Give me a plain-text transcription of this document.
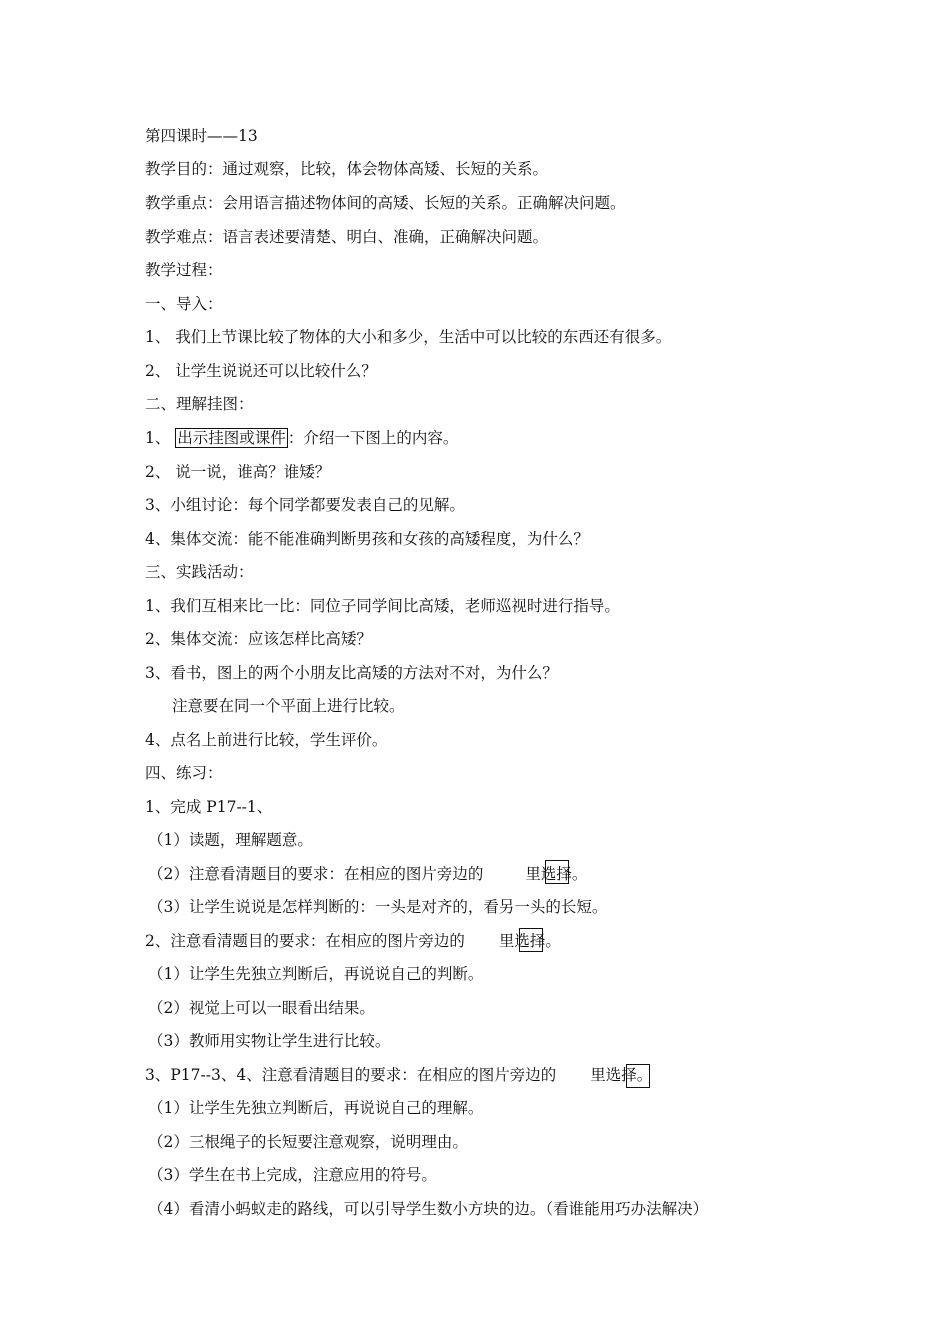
第四课时——13
教学目的：通过观察，比较，体会物体高矮、长短的关系。
教学重点：会用语言描述物体间的高矮、长短的关系。正确解决问题。
教学难点：语言表述要清楚、明白、准确，正确解决问题。
教学过程：
一、导入：
1、 我们上节课比较了物体的大小和多少，生活中可以比较的东西还有很多。
2、 让学生说说还可以比较什么？
二、理解挂图：
1、 出示挂图或课件 ：介绍一下图上的内容。
2、 说一说，谁高？谁矮？
3、小组讨论：每个同学都要发表自己的见解。
4、集体交流：能不能准确判断男孩和女孩的高矮程度，为什么？
三、实践活动：
1、我们互相来比一比：同位子同学间比高矮，老师巡视时进行指导。
2、集体交流：应该怎样比高矮？
3、看书，图上的两个小朋友比高矮的方法对不对，为什么？
注意要在同一个平面上进行比较。
4、点名上前进行比较，学生评价。
四、练习：
1、完成 P17--1、
（1）读题，理解题意。
（2）注意看清题目的要求：在相应的图片旁边的	里选择。
（3）让学生说说是怎样判断的：一头是对齐的，看另一头的长短。
2、注意看清题目的要求：在相应的图片旁边的 里选择。
（1）让学生先独立判断后，再说说自己的判断。
（2）视觉上可以一眼看出结果。
（3）教师用实物让学生进行比较。
3、P17--3、4、注意看清题目的要求：在相应的图片旁边的 里选择。
（1）让学生先独立判断后，再说说自己的理解。
（2）三根绳子的长短要注意观察，说明理由。
（3）学生在书上完成，注意应用的符号。
（4）看清小蚂蚁走的路线，可以引导学生数小方块的边。（看谁能用巧办法解决）
